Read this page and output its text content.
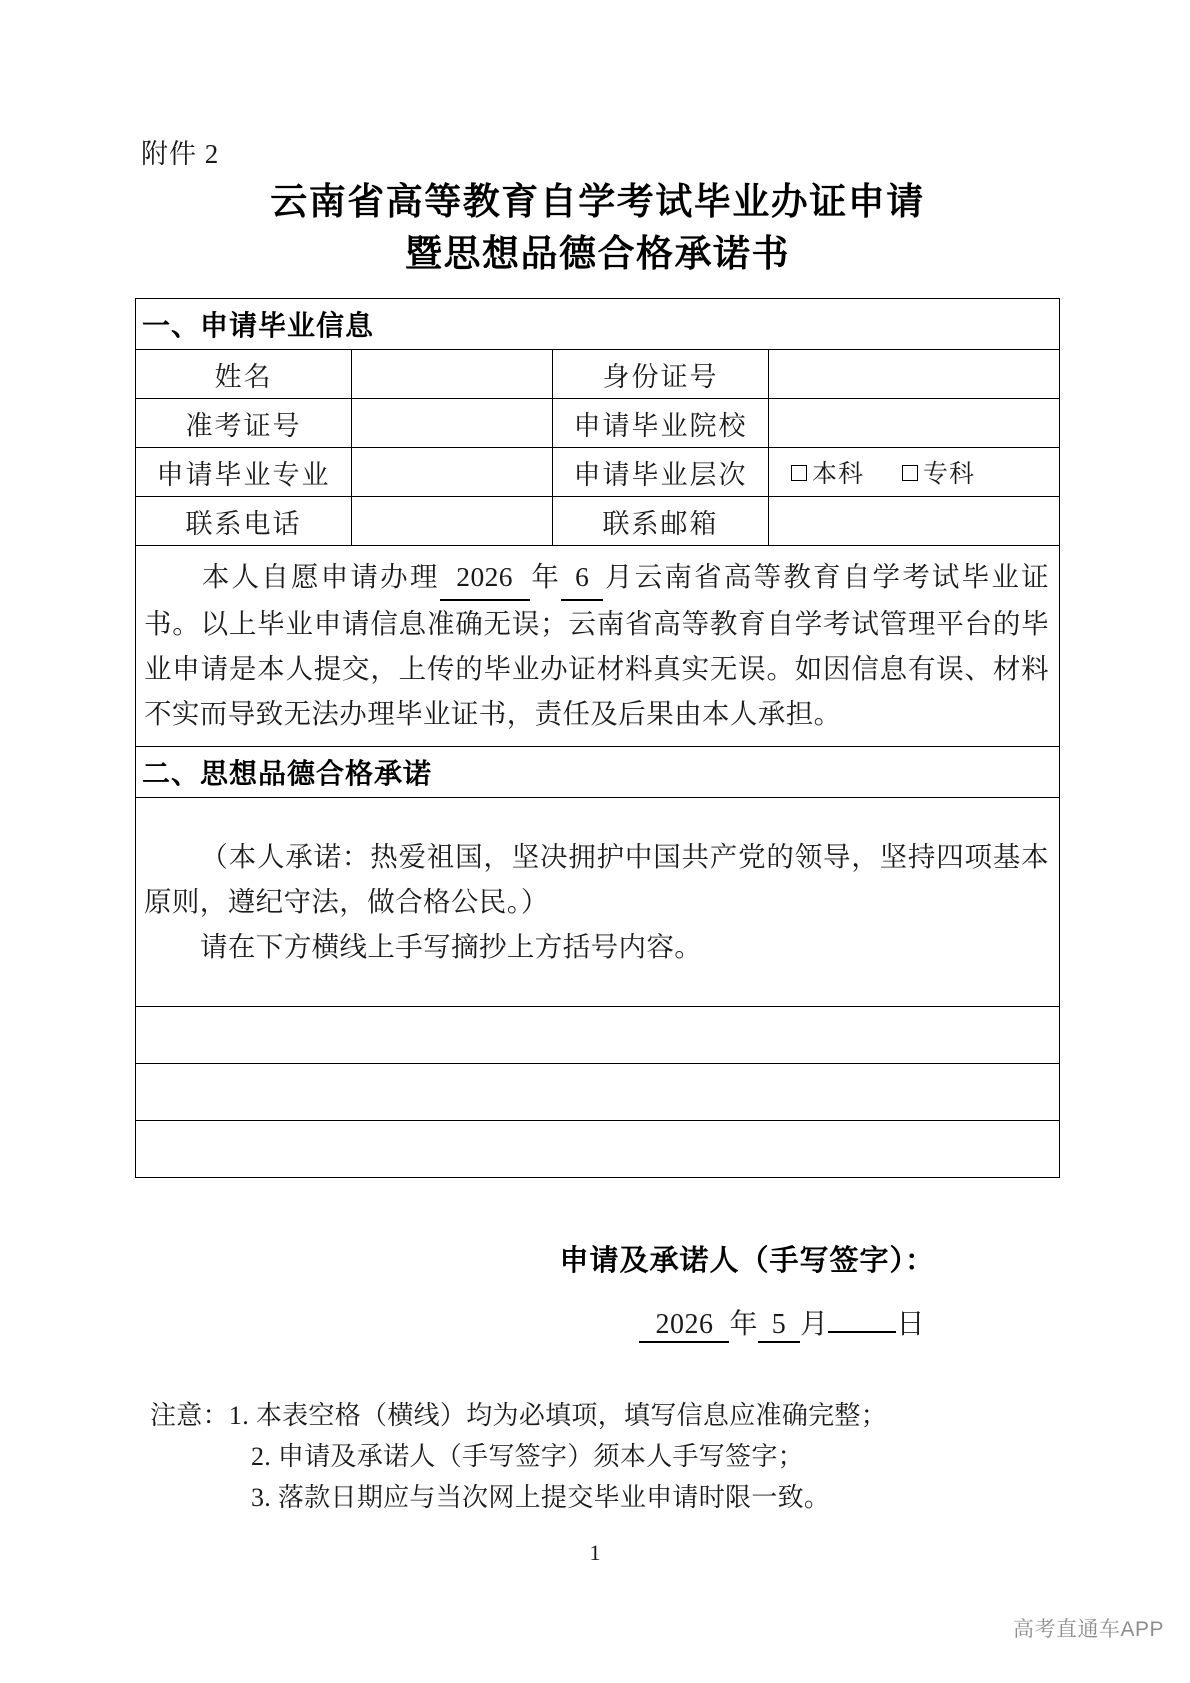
附件 2
云南省高等教育自学考试毕业办证申请
暨思想品德合格承诺书
一、申请毕业信息			
姓名		身份证号	
准考证号		申请毕业院校	
申请毕业专业		申请毕业层次	本科 专科
联系电话		联系邮箱	

本人自愿申请办理 2026 年 6 月云南省高等教育自学考试毕业证书。以上毕业申请信息准确无误；云南省高等教育自学考试管理平台的毕业申请是本人提交，上传的毕业办证材料真实无误。如因信息有误、材料不实而导致无法办理毕业证书，责任及后果由本人承担。			

二、思想品德合格承诺			

（本人承诺：热爱祖国，坚决拥护中国共产党的领导，坚持四项基本原则，遵纪守法，做合格公民。）
请在下方横线上手写摘抄上方括号内容。			

申请及承诺人（手写签字）：
2026 年 5 月 日
注意：1. 本表空格（横线）均为必填项，填写信息应准确完整；
2. 申请及承诺人（手写签字）须本人手写签字；
3. 落款日期应与当次网上提交毕业申请时限一致。
1
高考直通车APP
